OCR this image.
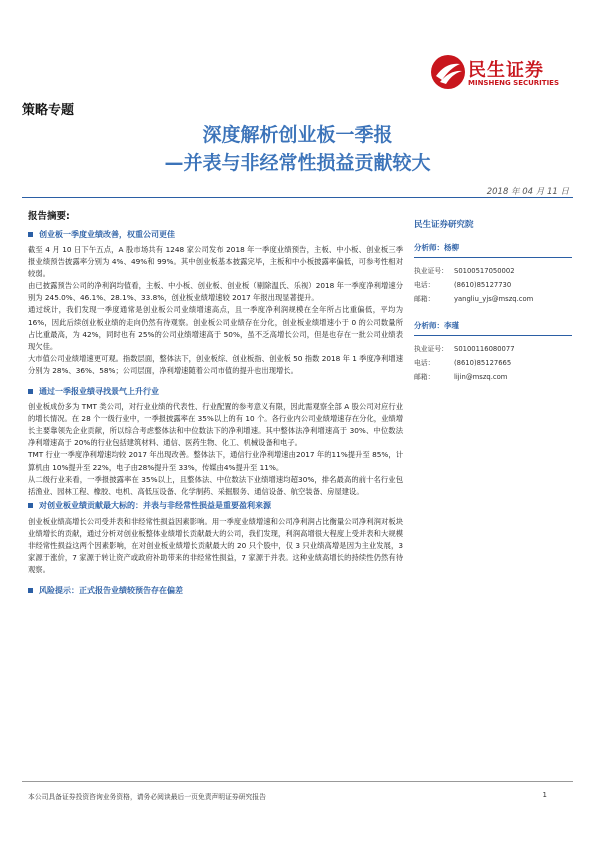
民生证券
MINSHENG SECURITIES
策略专题
深度解析创业板一季报
—并表与非经常性损益贡献较大
2018 年 04 月 11 日
报告摘要:
创业板一季度业绩改善，权重公司更佳

截至 4 月 10 日下午五点，A 股市场共有 1248 家公司发布 2018 年一季度业绩预告，主板、中小板、创业板三季报业绩预告披露率分别为 4%、49%和 99%。其中创业板基本披露完毕，主板和中小板披露率偏低，可参考性相对较弱。

由已披露预告公司的净利润均值看，主板、中小板、创业板、创业板（剔除温氏、乐视）2018 年一季度净利增速分别为 245.0%、46.1%、28.1%、33.8%，创业板业绩增速较 2017 年报出现显著提升。

通过统计，我们发现一季度通常是创业板公司业绩增速高点，且一季度净利润规模在全年所占比重偏低，平均为 16%，因此后续创业板业绩的走向仍然有待观察。创业板公司业绩存在分化，创业板业绩增速小于 0 的公司数量所占比重最高，为 42%，同时也有 25%的公司业绩增速高于 50%，虽不乏高增长公司，但是也存在一批公司业绩表现欠佳。

大市值公司业绩增速更可观。指数层面，整体法下，创业板综、创业板指、创业板 50 指数 2018 年 1 季度净利增速分别为 28%、36%、58%；公司层面，净利增速随着公司市值的提升也出现增长。

通过一季报业绩寻找景气上升行业

创业板成份多为 TMT 类公司，对行业业绩的代表性、行业配置的参考意义有限，因此需观察全部 A 股公司对应行业的增长情况。在 28 个一级行业中，一季报披露率在 35%以上的有 10 个。各行业内公司业绩增速存在分化，业绩增长主要靠领先企业贡献，所以综合考虑整体法和中位数法下的净利增速。其中整体法净利增速高于 30%、中位数法净利增速高于 20%的行业包括建筑材料、通信、医药生物、化工、机械设备和电子。

TMT 行业一季度净利增速均较 2017 年出现改善。整体法下，通信行业净利增速由2017 年的11%提升至 85%，计算机由 10%提升至 22%，电子由28%提升至 33%，传媒由4%提升至 11%。

从二级行业来看，一季报披露率在 35%以上，且整体法、中位数法下业绩增速均超30%，排名最高的前十名行业包括渔业、园林工程、橡胶、电机、高低压设备、化学制药、采掘服务、通信设备、航空装备、房屋建设。

对创业板业绩贡献最大标的：并表与非经常性损益是重要盈利来源

创业板业绩高增长公司受并表和非经常性损益因素影响。用一季度业绩增速和公司净利润占比衡量公司净利润对板块业绩增长的贡献，通过分析对创业板整体业绩增长贡献最大的公司，我们发现，利润高增很大程度上受并表和大规模非经常性损益这两个因素影响，在对创业板业绩增长贡献最大的 20 只个股中，仅 3 只业绩高增是因为主业发展，3 家源于涨价，7 家源于转让资产或政府补助带来的非经常性损益，7 家源于并表。这种业绩高增长的持续性仍然有待观察。

风险提示：正式报告业绩较预告存在偏差
民生证券研究院
分析师：杨柳
执业证号： S0100517050002
电话：	(8610)85127730
邮箱：	yangliu_yjs@mszq.com
分析师：李瑾
执业证号： S0100116080077
电话：	(8610)85127665
邮箱：	lijin@mszq.com
本公司具备证券投资咨询业务资格，请务必阅读最后一页免责声明证券研究报告	1
